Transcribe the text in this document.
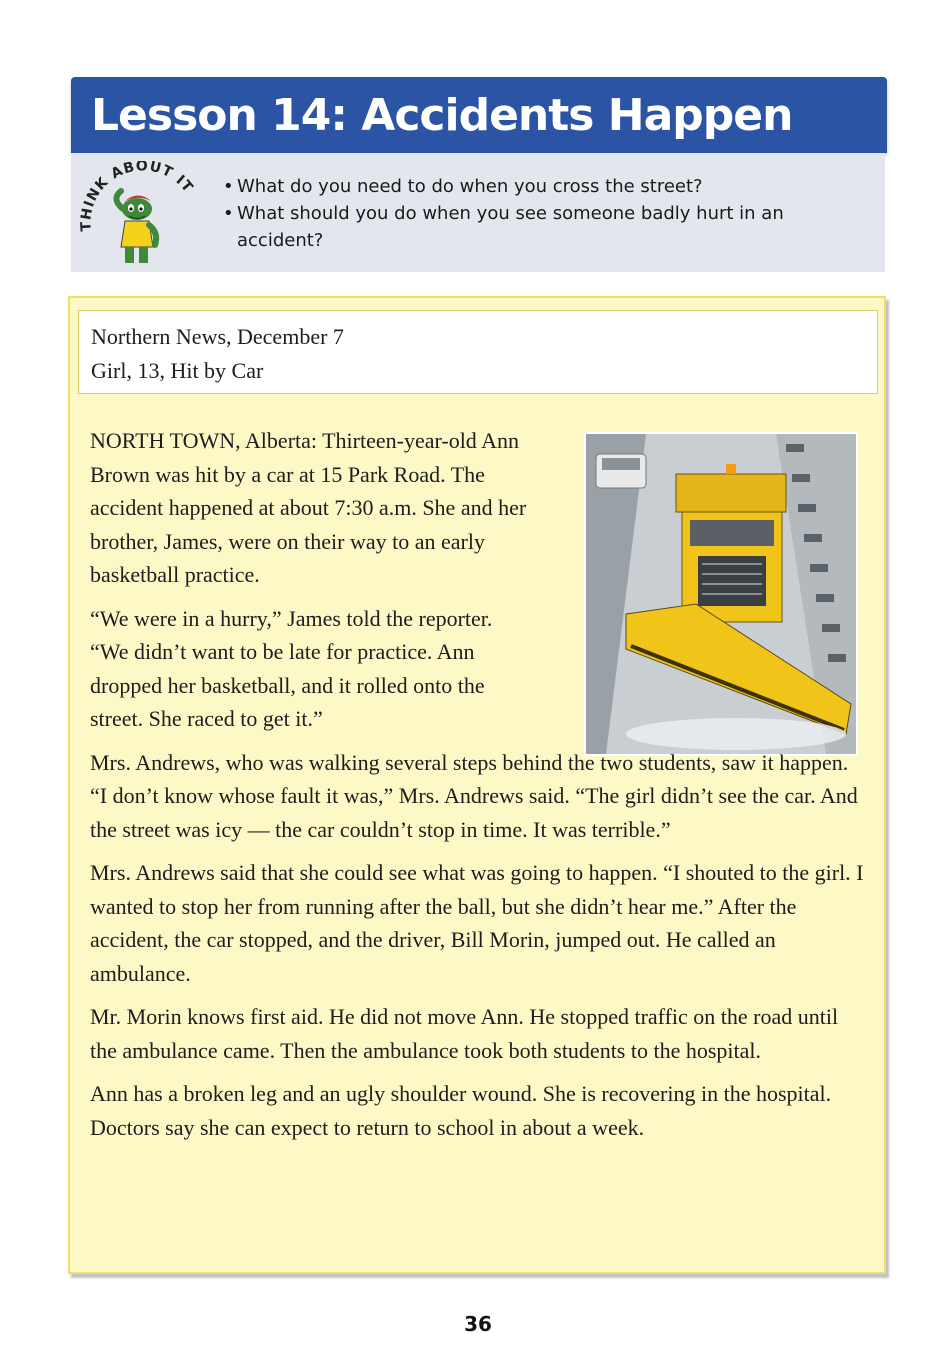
Lesson 14: Accidents Happen
THINK ABOUT IT
•	What do you need to do when you cross the street?
• What should you do when you see someone badly hurt in an accident?
Northern News, December 7
Girl, 13, Hit by Car

NORTH TOWN, Alberta: Thirteen-year-old Ann Brown was hit by a car at 15 Park Road. The accident happened at about 7:30 a.m. She and her brother, James, were on their way to an early basketball practice.

“We were in a hurry,” James told the reporter. “We didn’t want to be late for practice. Ann dropped her basketball, and it rolled onto the street. She raced to get it.”

Mrs. Andrews, who was walking several steps behind the two students, saw it happen. “I don’t know whose fault it was,” Mrs. Andrews said. “The girl didn’t see the car. And the street was icy — the car couldn’t stop in time. It was terrible.”

Mrs. Andrews said that she could see what was going to happen. “I shouted to the girl. I wanted to stop her from running after the ball, but she didn’t hear me.” After the accident, the car stopped, and the driver, Bill Morin, jumped out. He called an ambulance.

Mr. Morin knows first aid. He did not move Ann. He stopped traffic on the road until the ambulance came. Then the ambulance took both students to the hospital.

Ann has a broken leg and an ugly shoulder wound. She is recovering in the hospital. Doctors say she can expect to return to school in about a week.

36
